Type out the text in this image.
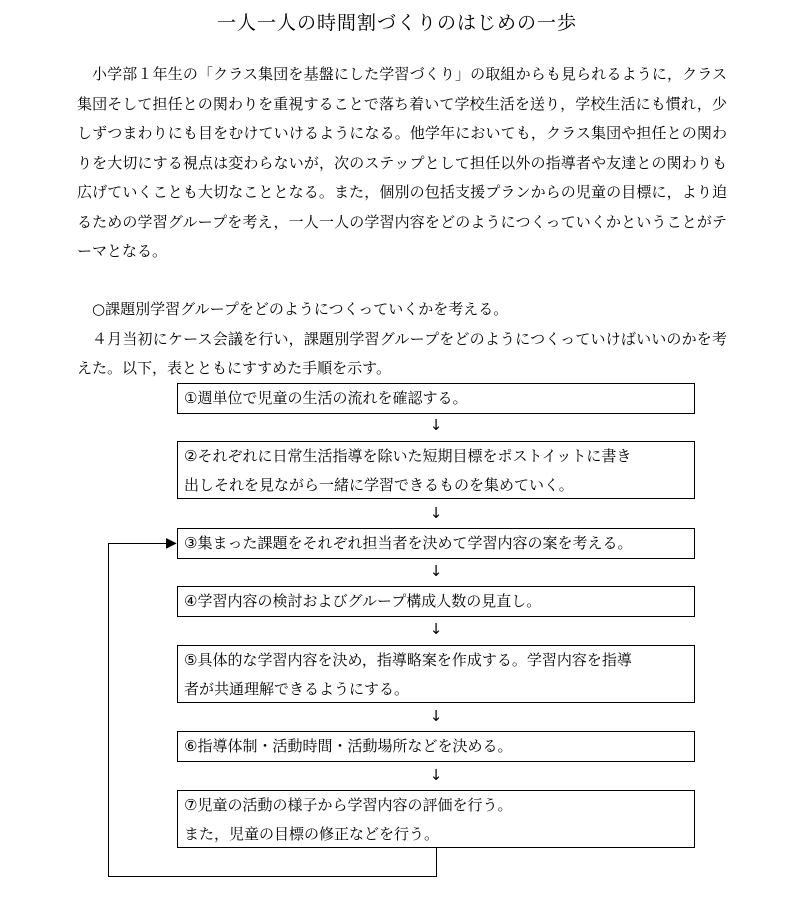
一人一人の時間割づくりのはじめの一歩
小学部１年生の「クラス集団を基盤にした学習づくり」の取組からも見られるように，クラス集団そして担任との関わりを重視することで落ち着いて学校生活を送り，学校生活にも慣れ，少しずつまわりにも目をむけていけるようになる。他学年においても，クラス集団や担任との関わりを大切にする視点は変わらないが，次のステップとして担任以外の指導者や友達との関わりも広げていくことも大切なこととなる。また，個別の包括支援プランからの児童の目標に，より迫るための学習グループを考え，一人一人の学習内容をどのようにつくっていくかということがテーマとなる。
○課題別学習グループをどのようにつくっていくかを考える。
４月当初にケース会議を行い，課題別学習グループをどのようにつくっていけばいいのかを考えた。以下，表とともにすすめた手順を示す。
①週単位で児童の生活の流れを確認する。
↓
②それぞれに日常生活指導を除いた短期目標をポストイットに書き
出しそれを見ながら一緒に学習できるものを集めていく。
↓
③集まった課題をそれぞれ担当者を決めて学習内容の案を考える。
↓
④学習内容の検討およびグループ構成人数の見直し。
↓
⑤具体的な学習内容を決め，指導略案を作成する。学習内容を指導
者が共通理解できるようにする。
↓
⑥指導体制・活動時間・活動場所などを決める。
↓
⑦児童の活動の様子から学習内容の評価を行う。
また，児童の目標の修正などを行う。
▶
